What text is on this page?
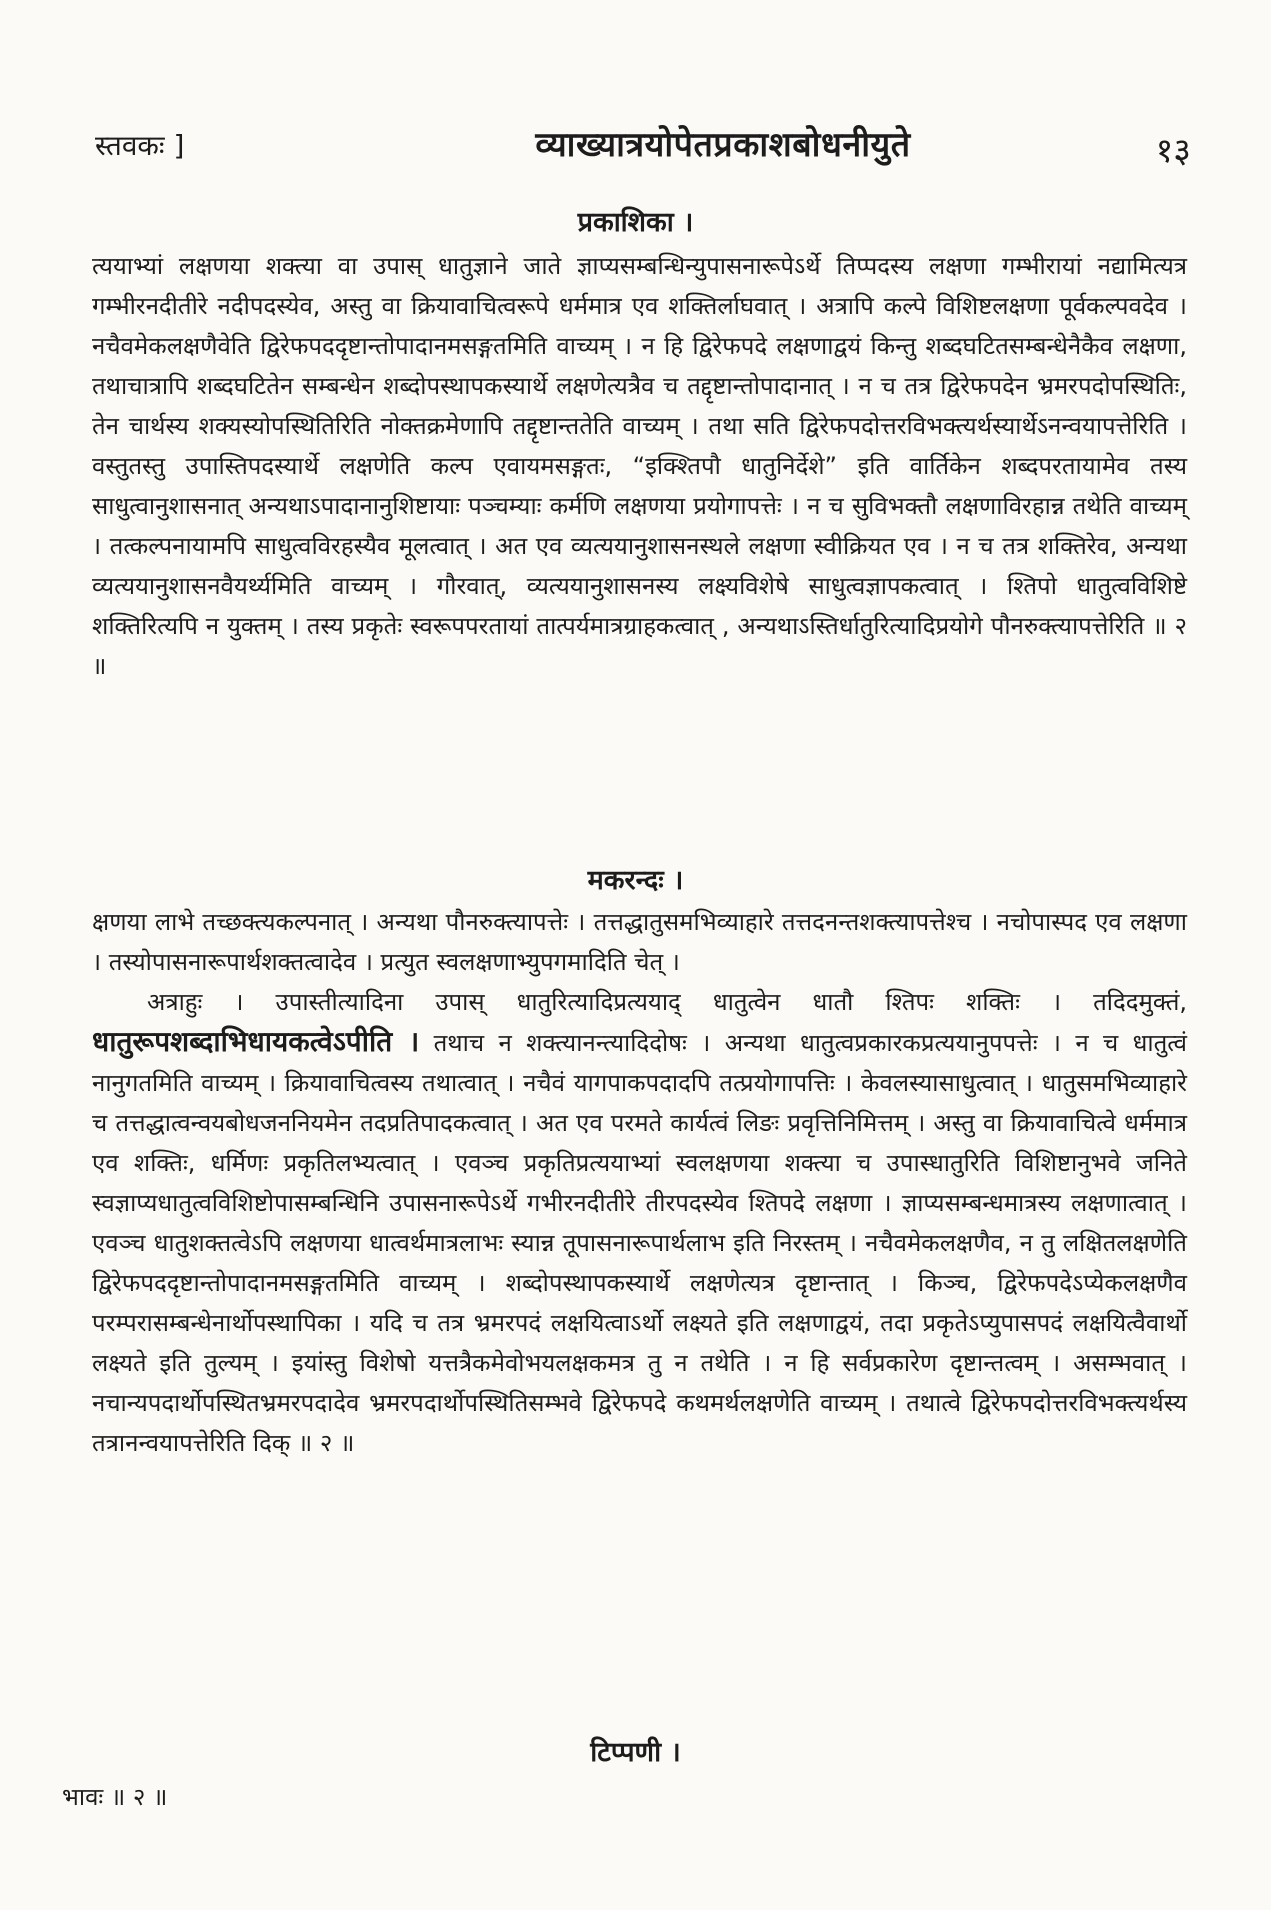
स्तवकः ]	व्याख्यात्रयोपेतप्रकाशबोधनीयुते	१३
प्रकाशिका ।

त्ययाभ्यां लक्षणया शक्त्या वा उपास् धातुज्ञाने जाते ज्ञाप्यसम्बन्धिन्युपासनारूपेऽर्थे तिप्पदस्य लक्षणा गम्भीरायां नद्यामित्यत्र गम्भीरनदीतीरे नदीपदस्येव, अस्तु वा क्रियावाचित्वरूपे धर्ममात्र एव शक्तिर्लाघवात् । अत्रापि कल्पे विशिष्टलक्षणा पूर्वकल्पवदेव । नचैवमेकलक्षणैवेति द्विरेफपददृष्टान्तोपादानमसङ्गतमिति वाच्यम् । न हि द्विरेफपदे लक्षणाद्वयं किन्तु शब्दघटितसम्बन्धेनैकैव लक्षणा, तथाचात्रापि शब्दघटितेन सम्बन्धेन शब्दोपस्थापकस्यार्थे लक्षणेत्यत्रैव च तद्दृष्टान्तोपादानात् । न च तत्र द्विरेफपदेन भ्रमरपदोपस्थितिः, तेन चार्थस्य शक्यस्योपस्थितिरिति नोक्तक्रमेणापि तद्दृष्टान्ततेति वाच्यम् । तथा सति द्विरेफपदोत्तरविभक्त्यर्थस्यार्थेऽनन्वयापत्तेरिति । वस्तुतस्तु उपास्तिपदस्यार्थे लक्षणेति कल्प एवायमसङ्गतः, “इक्श्तिपौ धातुनिर्देशे” इति वार्तिकेन शब्दपरतायामेव तस्य साधुत्वानुशासनात् अन्यथाऽपादानानुशिष्टायाः पञ्चम्याः कर्मणि लक्षणया प्रयोगापत्तेः । न च सुविभक्तौ लक्षणाविरहान्न तथेति वाच्यम् । तत्कल्पनायामपि साधुत्वविरहस्यैव मूलत्वात् । अत एव व्यत्ययानुशासनस्थले लक्षणा स्वीक्रियत एव । न च तत्र शक्तिरेव, अन्यथा व्यत्ययानुशासनवैयर्थ्यमिति वाच्यम् । गौरवात्, व्यत्ययानुशासनस्य लक्ष्यविशेषे साधुत्वज्ञापकत्वात् । श्तिपो धातुत्वविशिष्टे शक्तिरित्यपि न युक्तम् । तस्य प्रकृतेः स्वरूपपरतायां तात्पर्यमात्रग्राहकत्वात् , अन्यथाऽस्तिर्धातुरित्यादिप्रयोगे पौनरुक्त्यापत्तेरिति ॥ २ ॥

मकरन्दः ।

क्षणया लाभे तच्छक्त्यकल्पनात् । अन्यथा पौनरुक्त्यापत्तेः । तत्तद्धातुसमभिव्याहारे तत्तदनन्तशक्त्यापत्तेश्च । नचोपास्पद एव लक्षणा । तस्योपासनारूपार्थशक्तत्वादेव । प्रत्युत स्वलक्षणाभ्युपगमादिति चेत् ।

अत्राहुः । उपास्तीत्यादिना उपास् धातुरित्यादिप्रत्ययाद् धातुत्वेन धातौ श्तिपः शक्तिः । तदिदमुक्तं, धातुरूपशब्दाभिधायकत्वेऽपीति । तथाच न शक्त्यानन्त्यादिदोषः । अन्यथा धातुत्वप्रकारकप्रत्ययानुपपत्तेः । न च धातुत्वं नानुगतमिति वाच्यम् । क्रियावाचित्वस्य तथात्वात् । नचैवं यागपाकपदादपि तत्प्रयोगापत्तिः । केवलस्यासाधुत्वात् । धातुसमभिव्याहारे च तत्तद्धात्वन्वयबोधजननियमेन तदप्रतिपादकत्वात् । अत एव परमते कार्यत्वं लिङः प्रवृत्तिनिमित्तम् । अस्तु वा क्रियावाचित्वे धर्ममात्र एव शक्तिः, धर्मिणः प्रकृतिलभ्यत्वात् । एवञ्च प्रकृतिप्रत्ययाभ्यां स्वलक्षणया शक्त्या च उपास्धातुरिति विशिष्टानुभवे जनिते स्वज्ञाप्यधातुत्वविशिष्टोपासम्बन्धिनि उपासनारूपेऽर्थे गभीरनदीतीरे तीरपदस्येव श्तिपदे लक्षणा । ज्ञाप्यसम्बन्धमात्रस्य लक्षणात्वात् । एवञ्च धातुशक्तत्वेऽपि लक्षणया धात्वर्थमात्रलाभः स्यान्न तूपासनारूपार्थलाभ इति निरस्तम् । नचैवमेकलक्षणैव, न तु लक्षितलक्षणेति द्विरेफपददृष्टान्तोपादानमसङ्गतमिति वाच्यम् । शब्दोपस्थापकस्यार्थे लक्षणेत्यत्र दृष्टान्तात् । किञ्च, द्विरेफपदेऽप्येकलक्षणैव परम्परासम्बन्धेनार्थोपस्थापिका । यदि च तत्र भ्रमरपदं लक्षयित्वाऽर्थो लक्ष्यते इति लक्षणाद्वयं, तदा प्रकृतेऽप्युपासपदं लक्षयित्वैवार्थो लक्ष्यते इति तुल्यम् । इयांस्तु विशेषो यत्तत्रैकमेवोभयलक्षकमत्र तु न तथेति । न हि सर्वप्रकारेण दृष्टान्तत्वम् । असम्भवात् । नचान्यपदार्थोपस्थितभ्रमरपदादेव भ्रमरपदार्थोपस्थितिसम्भवे द्विरेफपदे कथमर्थलक्षणेति वाच्यम् । तथात्वे द्विरेफपदोत्तरविभक्त्यर्थस्य तत्रानन्वयापत्तेरिति दिक् ॥ २ ॥

टिप्पणी ।
भावः ॥ २ ॥
